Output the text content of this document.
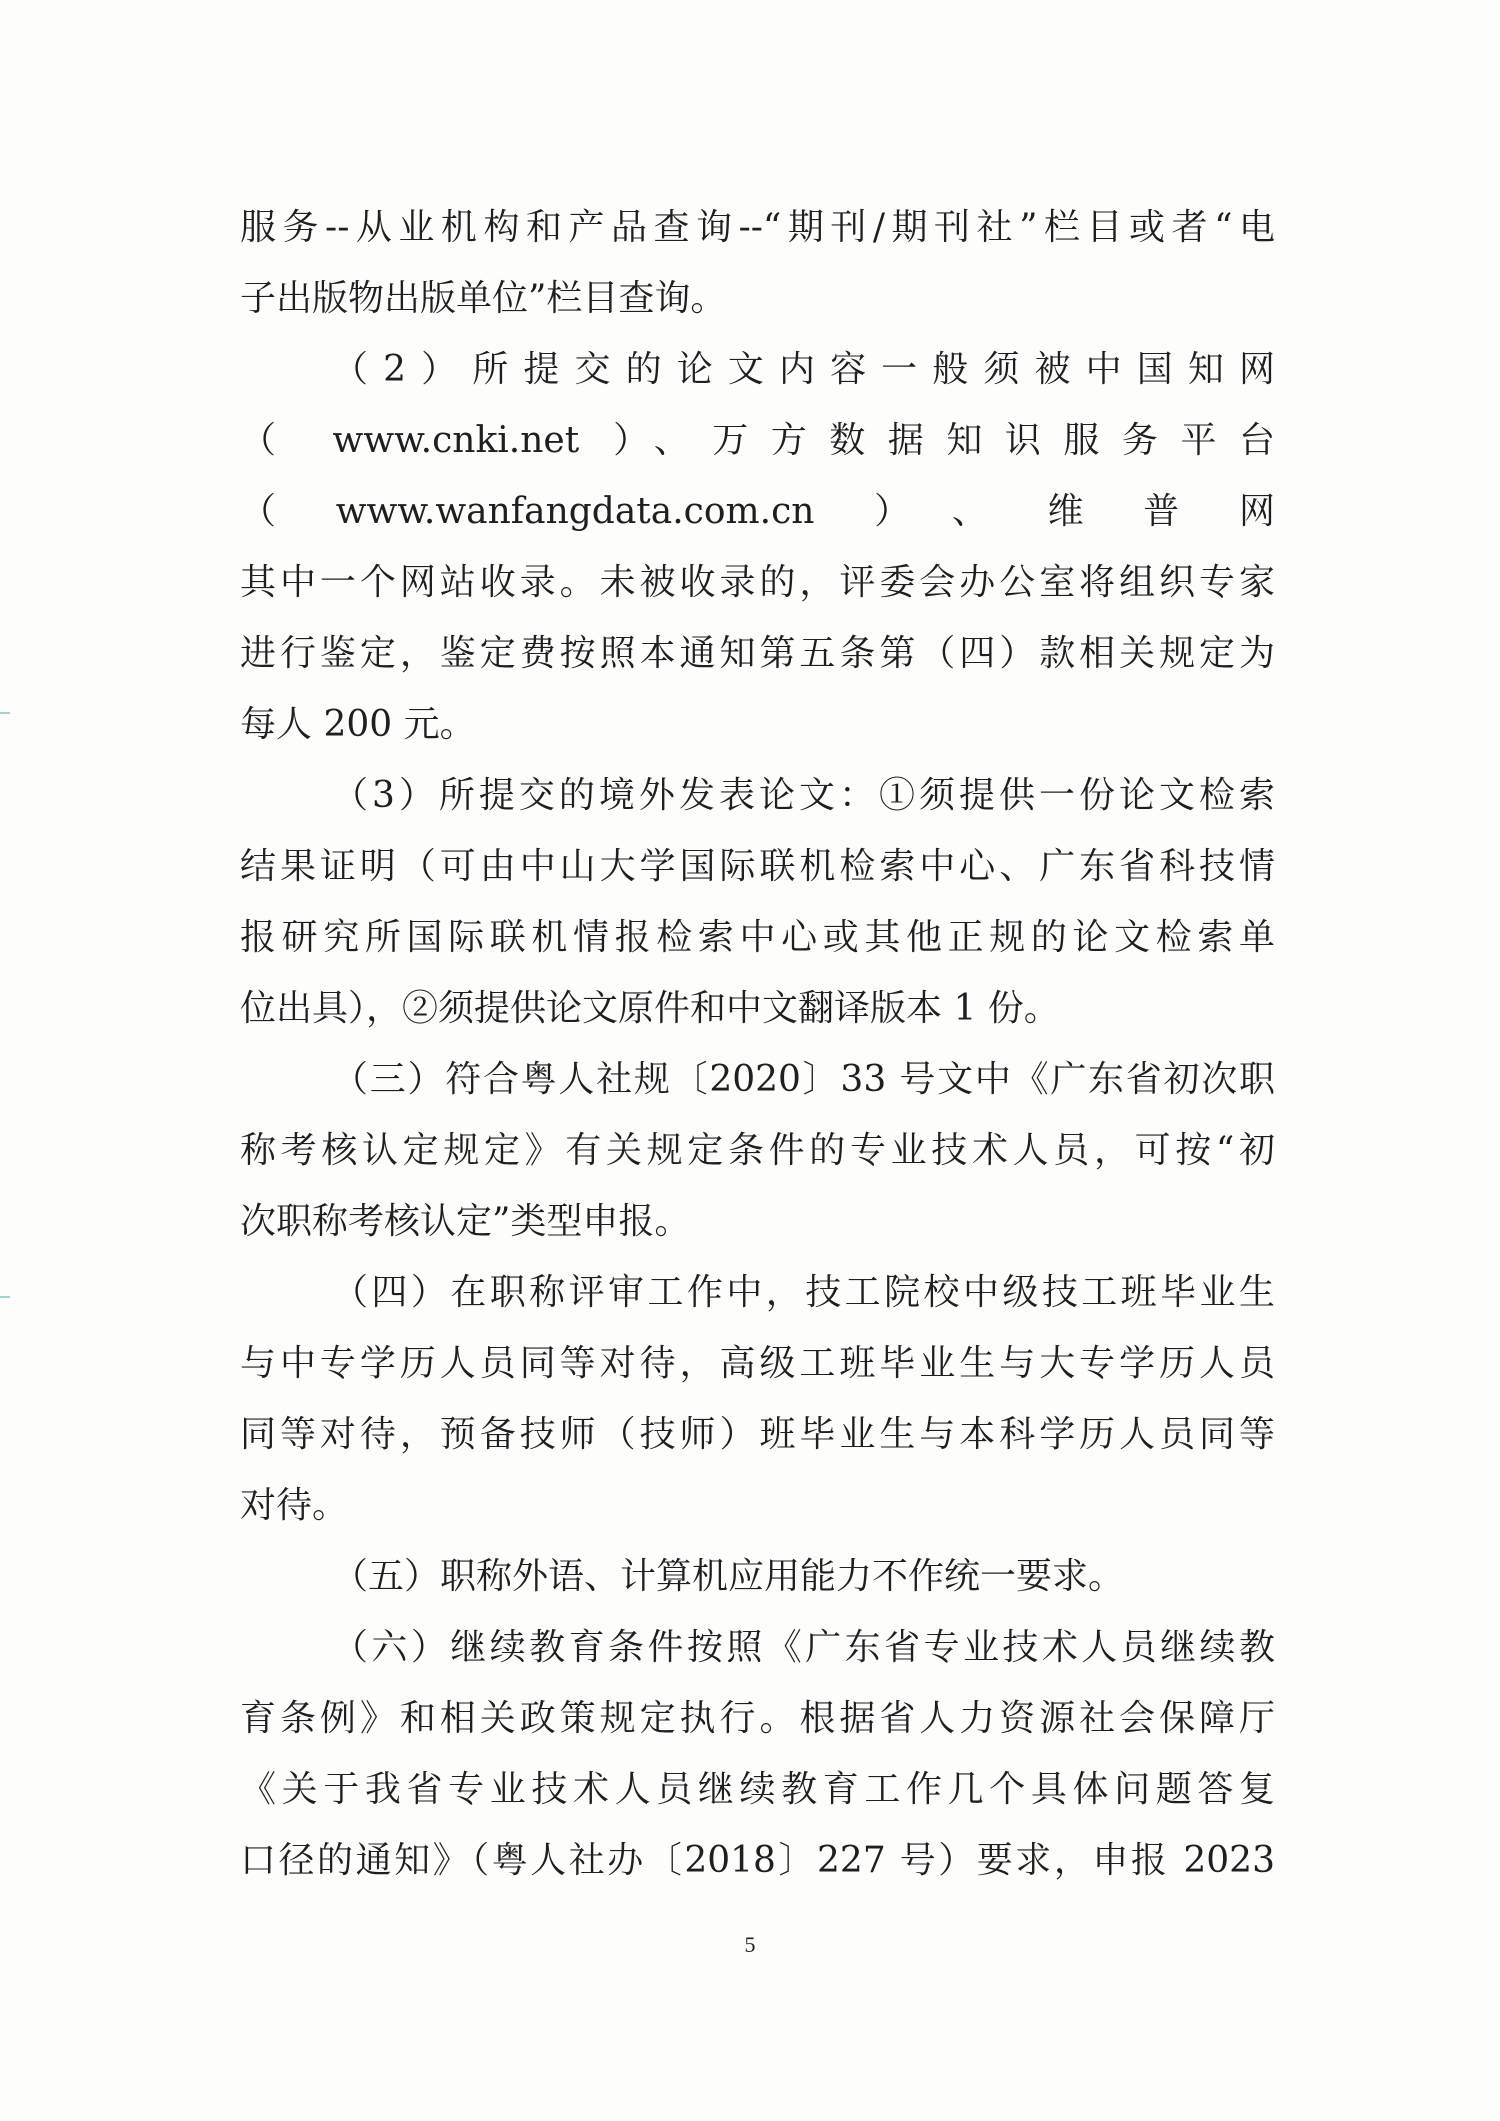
服务--从业机构和产品查询--“期刊/期刊社”栏目或者“电
子出版物出版单位”栏目查询。
（2）所提交的论文内容一般须被中国知网
（ www.cnki.net ）、万方数据知识服务平台
（www.wanfangdata.com.cn）、维普网
其中一个网站收录。未被收录的，评委会办公室将组织专家
进行鉴定，鉴定费按照本通知第五条第（四）款相关规定为
每人 200 元。
（3）所提交的境外发表论文：①须提供一份论文检索
结果证明（可由中山大学国际联机检索中心、广东省科技情
报研究所国际联机情报检索中心或其他正规的论文检索单
位出具），②须提供论文原件和中文翻译版本 1 份。
（三）符合粤人社规〔2020〕33 号文中《广东省初次职
称考核认定规定》有关规定条件的专业技术人员，可按“初
次职称考核认定”类型申报。
（四）在职称评审工作中，技工院校中级技工班毕业生
与中专学历人员同等对待，高级工班毕业生与大专学历人员
同等对待，预备技师（技师）班毕业生与本科学历人员同等
对待。
（五）职称外语、计算机应用能力不作统一要求。
（六）继续教育条件按照《广东省专业技术人员继续教
育条例》和相关政策规定执行。根据省人力资源社会保障厅
《关于我省专业技术人员继续教育工作几个具体问题答复
口径的通知》（粤人社办〔2018〕227 号）要求，申报 2023
5
